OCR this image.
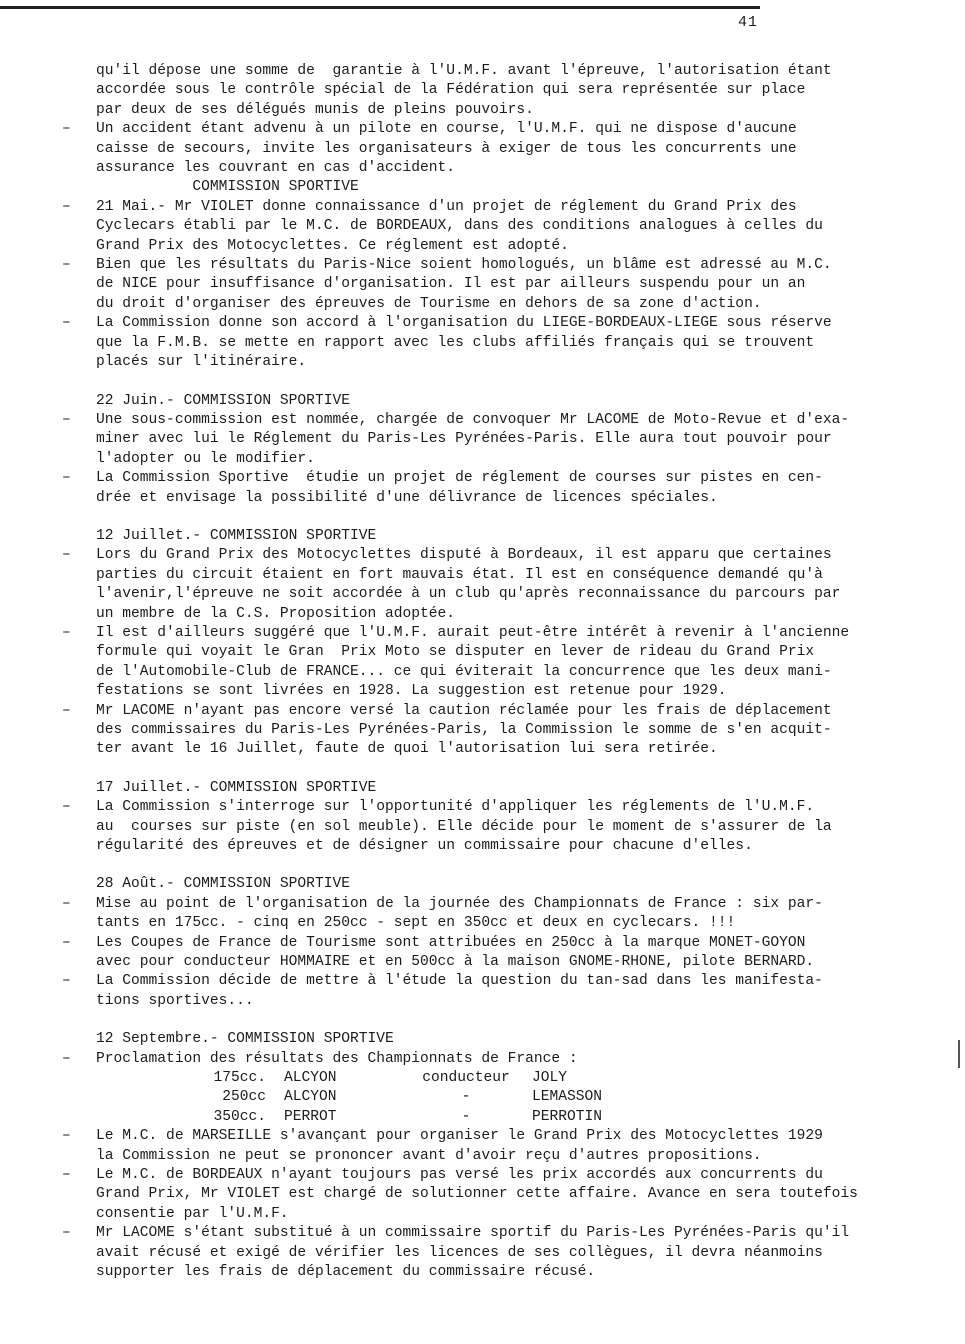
41
qu'il dépose une somme de  garantie à l'U.M.F. avant l'épreuve, l'autorisation étant
accordée sous le contrôle spécial de la Fédération qui sera représentée sur place
par deux de ses délégués munis de pleins pouvoirs.
– Un accident étant advenu à un pilote en course, l'U.M.F. qui ne dispose d'aucune
caisse de secours, invite les organisateurs à exiger de tous les concurrents une
assurance les couvrant en cas d'accident.
COMMISSION SPORTIVE
– 21 Mai.- Mr VIOLET donne connaissance d'un projet de réglement du Grand Prix des
Cyclecars établi par le M.C. de BORDEAUX, dans des conditions analogues à celles du
Grand Prix des Motocyclettes. Ce réglement est adopté.
– Bien que les résultats du Paris-Nice soient homologués, un blâme est adressé au M.C.
de NICE pour insuffisance d'organisation. Il est par ailleurs suspendu pour un an
du droit d'organiser des épreuves de Tourisme en dehors de sa zone d'action.
– La Commission donne son accord à l'organisation du LIEGE-BORDEAUX-LIEGE sous réserve
que la F.M.B. se mette en rapport avec les clubs affiliés français qui se trouvent
placés sur l'itinéraire.
22 Juin.- COMMISSION SPORTIVE
– Une sous-commission est nommée, chargée de convoquer Mr LACOME de Moto-Revue et d'exa-
miner avec lui le Réglement du Paris-Les Pyrénées-Paris. Elle aura tout pouvoir pour
l'adopter ou le modifier.
– La Commission Sportive  étudie un projet de réglement de courses sur pistes en cen-
drée et envisage la possibilité d'une délivrance de licences spéciales.
12 Juillet.- COMMISSION SPORTIVE
– Lors du Grand Prix des Motocyclettes disputé à Bordeaux, il est apparu que certaines
parties du circuit étaient en fort mauvais état. Il est en conséquence demandé qu'à
l'avenir,l'épreuve ne soit accordée à un club qu'après reconnaissance du parcours par
un membre de la C.S. Proposition adoptée.
– Il est d'ailleurs suggéré que l'U.M.F. aurait peut-être intérêt à revenir à l'ancienne
formule qui voyait le Gran  Prix Moto se disputer en lever de rideau du Grand Prix
de l'Automobile-Club de FRANCE... ce qui éviterait la concurrence que les deux mani-
festations se sont livrées en 1928. La suggestion est retenue pour 1929.
– Mr LACOME n'ayant pas encore versé la caution réclamée pour les frais de déplacement
des commissaires du Paris-Les Pyrénées-Paris, la Commission le somme de s'en acquit-
ter avant le 16 Juillet, faute de quoi l'autorisation lui sera retirée.
17 Juillet.- COMMISSION SPORTIVE
– La Commission s'interroge sur l'opportunité d'appliquer les réglements de l'U.M.F.
au  courses sur piste (en sol meuble). Elle décide pour le moment de s'assurer de la
régularité des épreuves et de désigner un commissaire pour chacune d'elles.
28 Août.- COMMISSION SPORTIVE
– Mise au point de l'organisation de la journée des Championnats de France : six par-
tants en 175cc. - cinq en 250cc - sept en 350cc et deux en cyclecars. !!!
– Les Coupes de France de Tourisme sont attribuées en 250cc à la marque MONET-GOYON
avec pour conducteur HOMMAIRE et en 500cc à la maison GNOME-RHONE, pilote BERNARD.
– La Commission décide de mettre à l'étude la question du tan-sad dans les manifesta-
tions sportives...
12 Septembre.- COMMISSION SPORTIVE
– Proclamation des résultats des Championnats de France :
175cc.	ALCYON	conducteur	JOLY
250cc	ALCYON	-	LEMASSON
350cc.	PERROT	-	PERROTIN
– Le M.C. de MARSEILLE s'avançant pour organiser le Grand Prix des Motocyclettes 1929
la Commission ne peut se prononcer avant d'avoir reçu d'autres propositions.
– Le M.C. de BORDEAUX n'ayant toujours pas versé les prix accordés aux concurrents du
Grand Prix, Mr VIOLET est chargé de solutionner cette affaire. Avance en sera toutefois
consentie par l'U.M.F.
– Mr LACOME s'étant substitué à un commissaire sportif du Paris-Les Pyrénées-Paris qu'il
avait récusé et exigé de vérifier les licences de ses collègues, il devra néanmoins
supporter les frais de déplacement du commissaire récusé.
